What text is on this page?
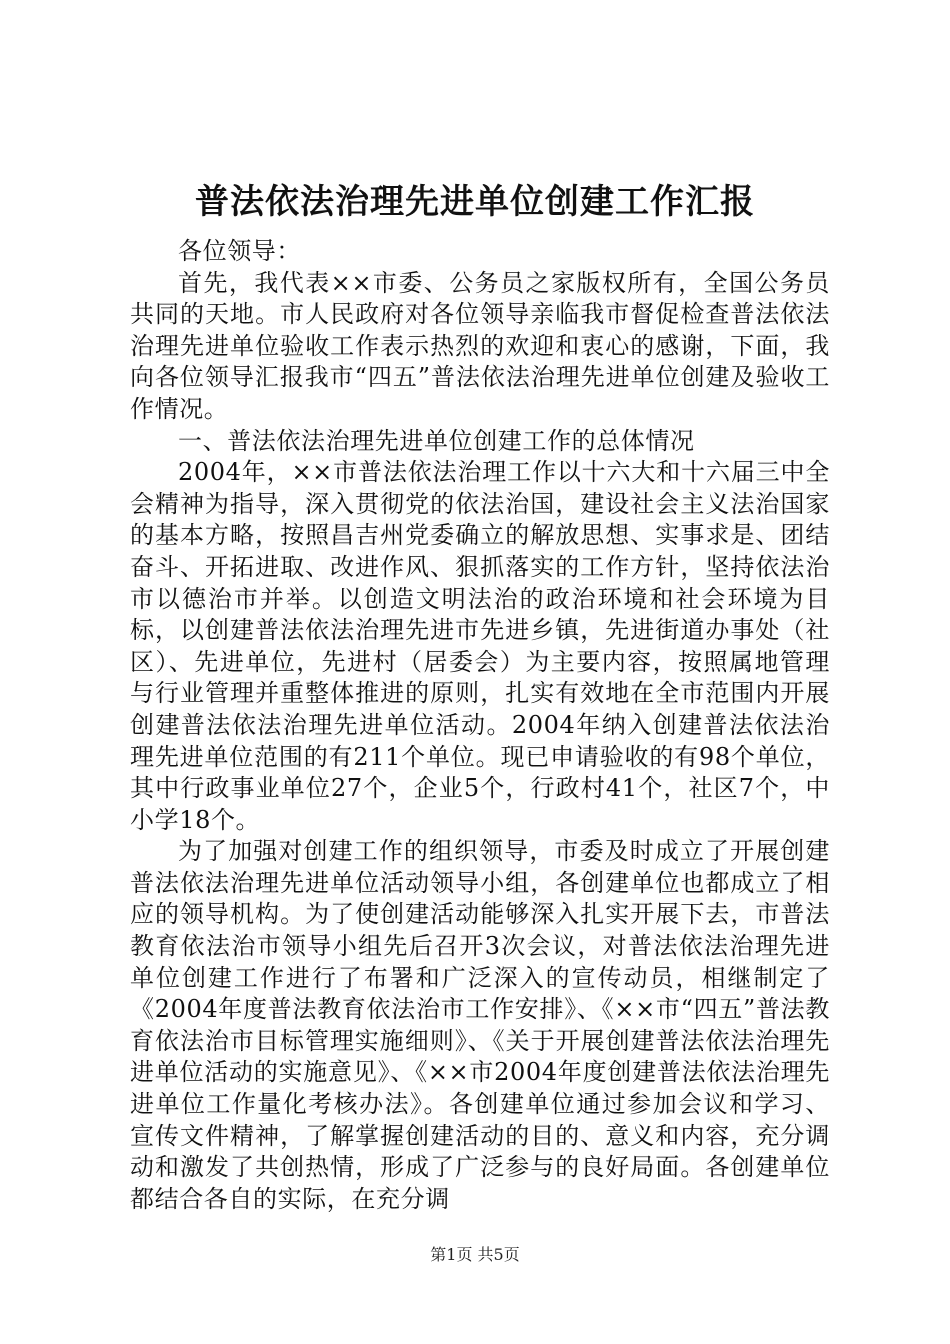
普法依法治理先进单位创建工作汇报

各位领导：

首先，我代表××市委、公务员之家版权所有，全国公务员共同的天地。市人民政府对各位领导亲临我市督促检查普法依法治理先进单位验收工作表示热烈的欢迎和衷心的感谢，下面，我向各位领导汇报我市“四五”普法依法治理先进单位创建及验收工作情况。

一、普法依法治理先进单位创建工作的总体情况

2004年，××市普法依法治理工作以十六大和十六届三中全会精神为指导，深入贯彻党的依法治国，建设社会主义法治国家的基本方略，按照昌吉州党委确立的解放思想、实事求是、团结奋斗、开拓进取、改进作风、狠抓落实的工作方针，坚持依法治市以德治市并举。以创造文明法治的政治环境和社会环境为目标，以创建普法依法治理先进市先进乡镇，先进街道办事处（社区）、先进单位，先进村（居委会）为主要内容，按照属地管理与行业管理并重整体推进的原则，扎实有效地在全市范围内开展创建普法依法治理先进单位活动。2004年纳入创建普法依法治理先进单位范围的有211个单位。现已申请验收的有98个单位，其中行政事业单位27个，企业5个，行政村41个，社区7个，中小学18个。

为了加强对创建工作的组织领导，市委及时成立了开展创建普法依法治理先进单位活动领导小组，各创建单位也都成立了相应的领导机构。为了使创建活动能够深入扎实开展下去，市普法教育依法治市领导小组先后召开3次会议，对普法依法治理先进单位创建工作进行了布署和广泛深入的宣传动员，相继制定了《2004年度普法教育依法治市工作安排》、《××市“四五”普法教育依法治市目标管理实施细则》、《关于开展创建普法依法治理先进单位活动的实施意见》、《××市2004年度创建普法依法治理先进单位工作量化考核办法》。各创建单位通过参加会议和学习、宣传文件精神，了解掌握创建活动的目的、意义和内容，充分调动和激发了共创热情，形成了广泛参与的良好局面。各创建单位都结合各自的实际，在充分调

第1页 共5页
